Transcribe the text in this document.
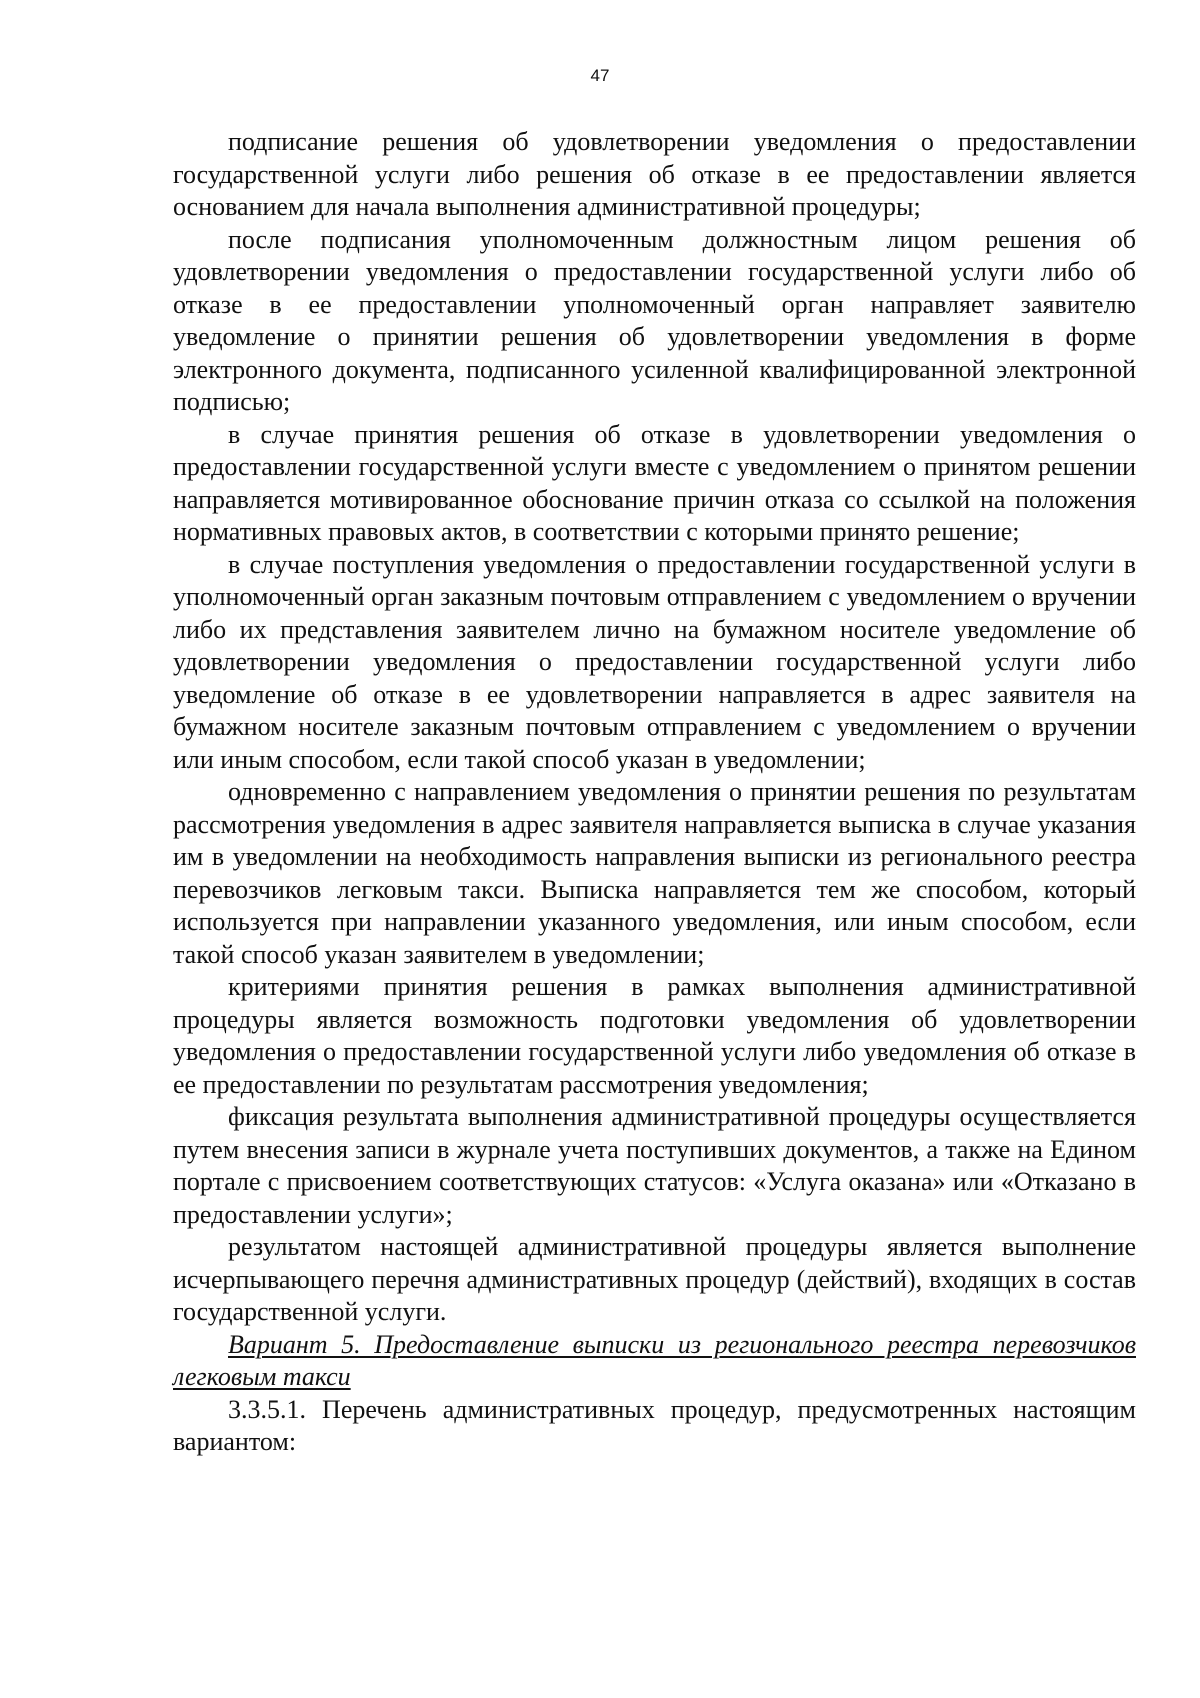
47

подписание решения об удовлетворении уведомления о предоставлении государственной услуги либо решения об отказе в ее предоставлении является основанием для начала выполнения административной процедуры;

после подписания уполномоченным должностным лицом решения об удовлетворении уведомления о предоставлении государственной услуги либо об отказе в ее предоставлении уполномоченный орган направляет заявителю уведомление о принятии решения об удовлетворении уведомления в форме электронного документа, подписанного усиленной квалифицированной электронной подписью;

в случае принятия решения об отказе в удовлетворении уведомления о предоставлении государственной услуги вместе с уведомлением о принятом решении направляется мотивированное обоснование причин отказа со ссылкой на положения нормативных правовых актов, в соответствии с которыми принято решение;

в случае поступления уведомления о предоставлении государственной услуги в уполномоченный орган заказным почтовым отправлением с уведомлением о вручении либо их представления заявителем лично на бумажном носителе уведомление об удовлетворении уведомления о предоставлении государственной услуги либо уведомление об отказе в ее удовлетворении направляется в адрес заявителя на бумажном носителе заказным почтовым отправлением с уведомлением о вручении или иным способом, если такой способ указан в уведомлении;

одновременно с направлением уведомления о принятии решения по результатам рассмотрения уведомления в адрес заявителя направляется выписка в случае указания им в уведомлении на необходимость направления выписки из регионального реестра перевозчиков легковым такси. Выписка направляется тем же способом, который используется при направлении указанного уведомления, или иным способом, если такой способ указан заявителем в уведомлении;

критериями принятия решения в рамках выполнения административной процедуры является возможность подготовки уведомления об удовлетворении уведомления о предоставлении государственной услуги либо уведомления об отказе в ее предоставлении по результатам рассмотрения уведомления;

фиксация результата выполнения административной процедуры осуществляется путем внесения записи в журнале учета поступивших документов, а также на Едином портале с присвоением соответствующих статусов: «Услуга оказана» или «Отказано в предоставлении услуги»;

результатом настоящей административной процедуры является выполнение исчерпывающего перечня административных процедур (действий), входящих в состав государственной услуги.

Вариант 5. Предоставление выписки из регионального реестра перевозчиков легковым такси

3.3.5.1. Перечень административных процедур, предусмотренных настоящим вариантом:
